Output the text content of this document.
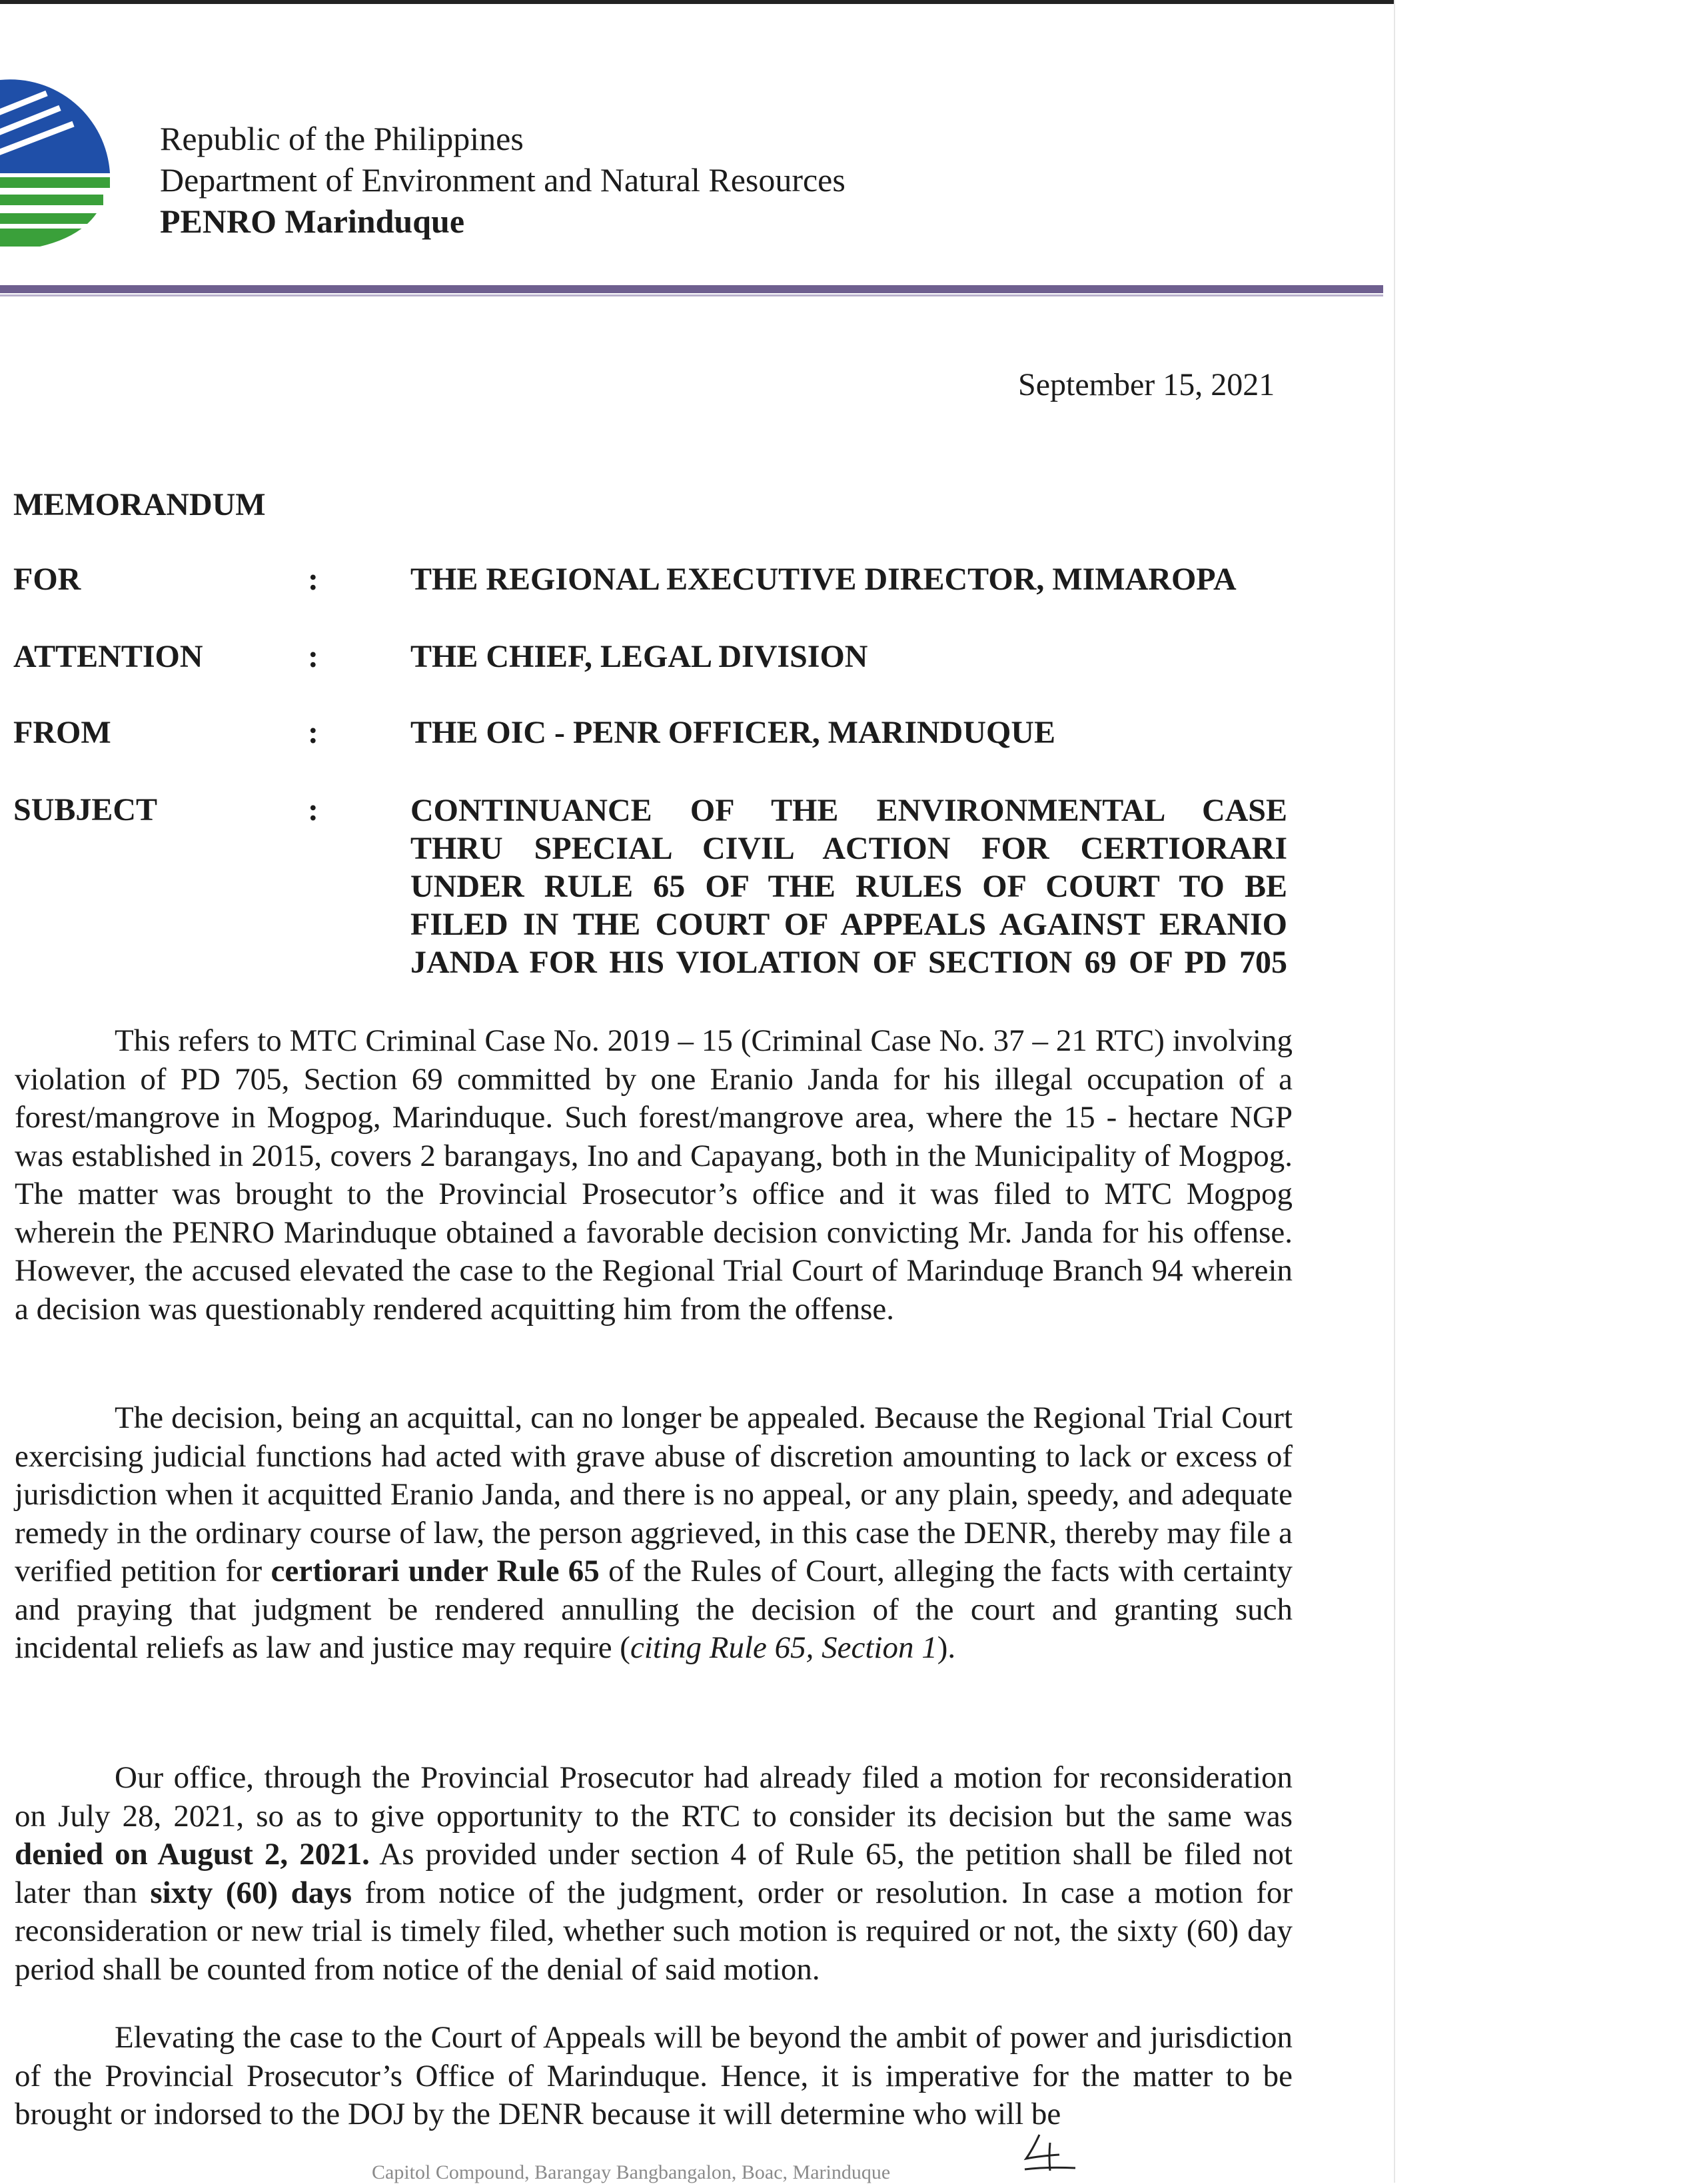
Republic of the Philippines
Department of Environment and Natural Resources
PENRO Marinduque
September 15, 2021
MEMORANDUM
FOR	:	THE REGIONAL EXECUTIVE DIRECTOR, MIMAROPA
ATTENTION	:	THE CHIEF, LEGAL DIVISION
FROM	:	THE OIC - PENR OFFICER, MARINDUQUE
SUBJECT	:	CONTINUANCE OF THE ENVIRONMENTAL CASE
THRU SPECIAL CIVIL ACTION FOR CERTIORARI
UNDER RULE 65 OF THE RULES OF COURT TO BE
FILED IN THE COURT OF APPEALS AGAINST ERANIO
JANDA FOR HIS VIOLATION OF SECTION 69 OF PD 705
This refers to MTC Criminal Case No. 2019 – 15 (Criminal Case No. 37 – 21 RTC) involving violation of PD 705, Section 69 committed by one Eranio Janda for his illegal occupation of a forest/mangrove in Mogpog, Marinduque. Such forest/mangrove area, where the 15 - hectare NGP was established in 2015, covers 2 barangays, Ino and Capayang, both in the Municipality of Mogpog. The matter was brought to the Provincial Prosecutor’s office and it was filed to MTC Mogpog wherein the PENRO Marinduque obtained a favorable decision convicting Mr. Janda for his offense. However, the accused elevated the case to the Regional Trial Court of Marinduqe Branch 94 wherein a decision was questionably rendered acquitting him from the offense.
The decision, being an acquittal, can no longer be appealed. Because the Regional Trial Court exercising judicial functions had acted with grave abuse of discretion amounting to lack or excess of jurisdiction when it acquitted Eranio Janda, and there is no appeal, or any plain, speedy, and adequate remedy in the ordinary course of law, the person aggrieved, in this case the DENR, thereby may file a verified petition for certiorari under Rule 65 of the Rules of Court, alleging the facts with certainty and praying that judgment be rendered annulling the decision of the court and granting such incidental reliefs as law and justice may require (citing Rule 65, Section 1).
Our office, through the Provincial Prosecutor had already filed a motion for reconsideration on July 28, 2021, so as to give opportunity to the RTC to consider its decision but the same was denied on August 2, 2021. As provided under section 4 of Rule 65, the petition shall be filed not later than sixty (60) days from notice of the judgment, order or resolution. In case a motion for reconsideration or new trial is timely filed, whether such motion is required or not, the sixty (60) day period shall be counted from notice of the denial of said motion.
Elevating the case to the Court of Appeals will be beyond the ambit of power and jurisdiction of the Provincial Prosecutor’s Office of Marinduque. Hence, it is imperative for the matter to be brought or indorsed to the DOJ by the DENR because it will determine who will be
Capitol Compound, Barangay Bangbangalon, Boac, Marinduque
